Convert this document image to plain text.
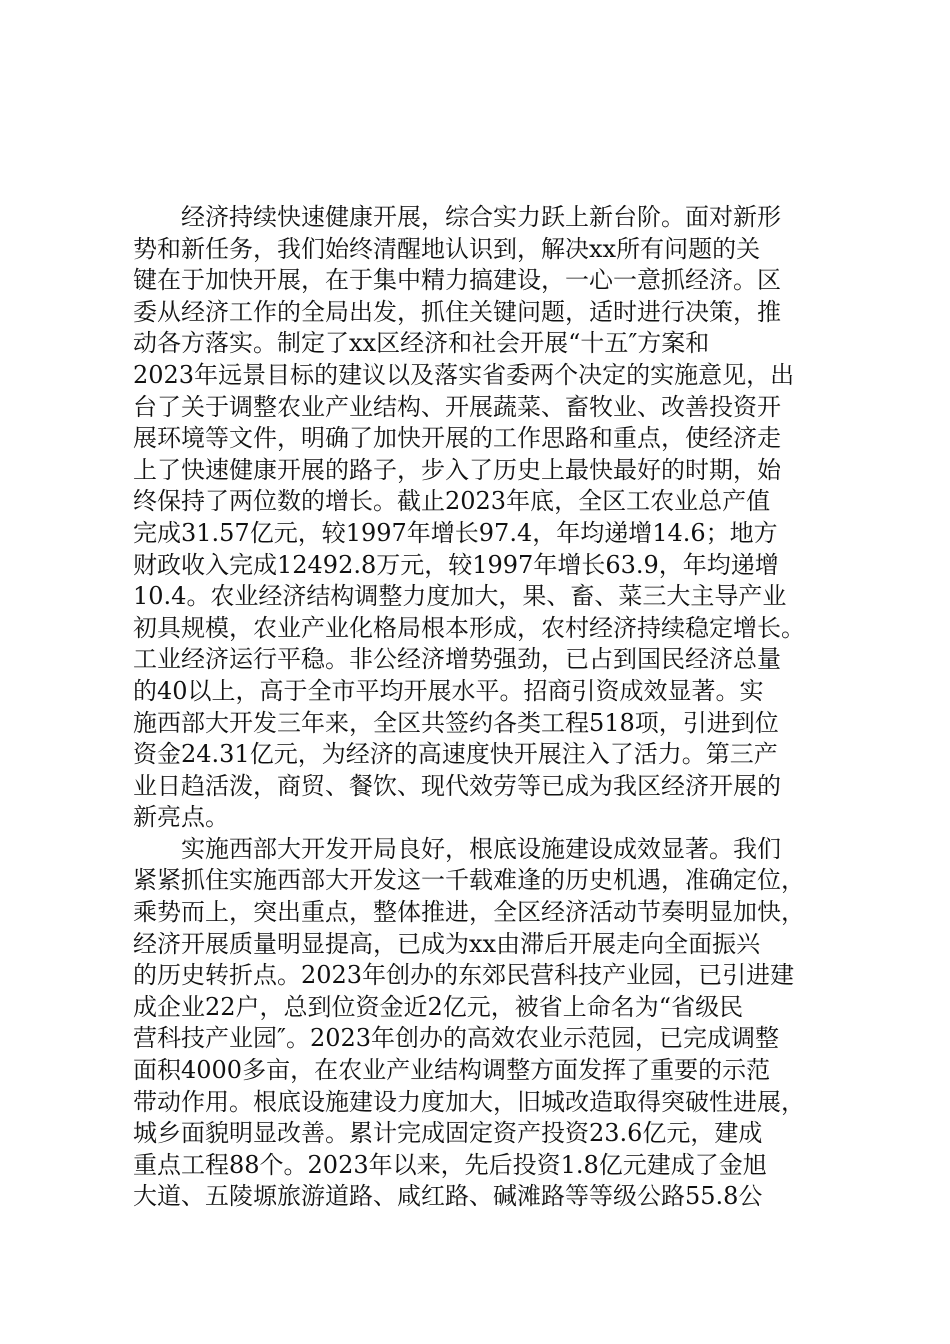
经济持续快速健康开展，综合实力跃上新台阶。面对新形
势和新任务，我们始终清醒地认识到，解决xx所有问题的关
键在于加快开展，在于集中精力搞建设，一心一意抓经济。区
委从经济工作的全局出发，抓住关键问题，适时进行决策，推
动各方落实。制定了xx区经济和社会开展“十五″方案和
2023年远景目标的建议以及落实省委两个决定的实施意见，出
台了关于调整农业产业结构、开展蔬菜、畜牧业、改善投资开
展环境等文件，明确了加快开展的工作思路和重点，使经济走
上了快速健康开展的路子，步入了历史上最快最好的时期，始
终保持了两位数的增长。截止2023年底，全区工农业总产值
完成31.57亿元，较1997年增长97.4，年均递增14.6；地方
财政收入完成12492.8万元，较1997年增长63.9，年均递增
10.4。农业经济结构调整力度加大，果、畜、菜三大主导产业
初具规模，农业产业化格局根本形成，农村经济持续稳定增长。
工业经济运行平稳。非公经济增势强劲，已占到国民经济总量
的40以上，高于全市平均开展水平。招商引资成效显著。实
施西部大开发三年来，全区共签约各类工程518项，引进到位
资金24.31亿元，为经济的高速度快开展注入了活力。第三产
业日趋活泼，商贸、餐饮、现代效劳等已成为我区经济开展的
新亮点。
实施西部大开发开局良好，根底设施建设成效显著。我们
紧紧抓住实施西部大开发这一千载难逢的历史机遇，准确定位，
乘势而上，突出重点，整体推进，全区经济活动节奏明显加快，
经济开展质量明显提高，已成为xx由滞后开展走向全面振兴
的历史转折点。2023年创办的东郊民营科技产业园，已引进建
成企业22户，总到位资金近2亿元，被省上命名为“省级民
营科技产业园″。2023年创办的高效农业示范园，已完成调整
面积4000多亩，在农业产业结构调整方面发挥了重要的示范
带动作用。根底设施建设力度加大，旧城改造取得突破性进展，
城乡面貌明显改善。累计完成固定资产投资23.6亿元，建成
重点工程88个。2023年以来，先后投资1.8亿元建成了金旭
大道、五陵塬旅游道路、咸红路、碱滩路等等级公路55.8公
